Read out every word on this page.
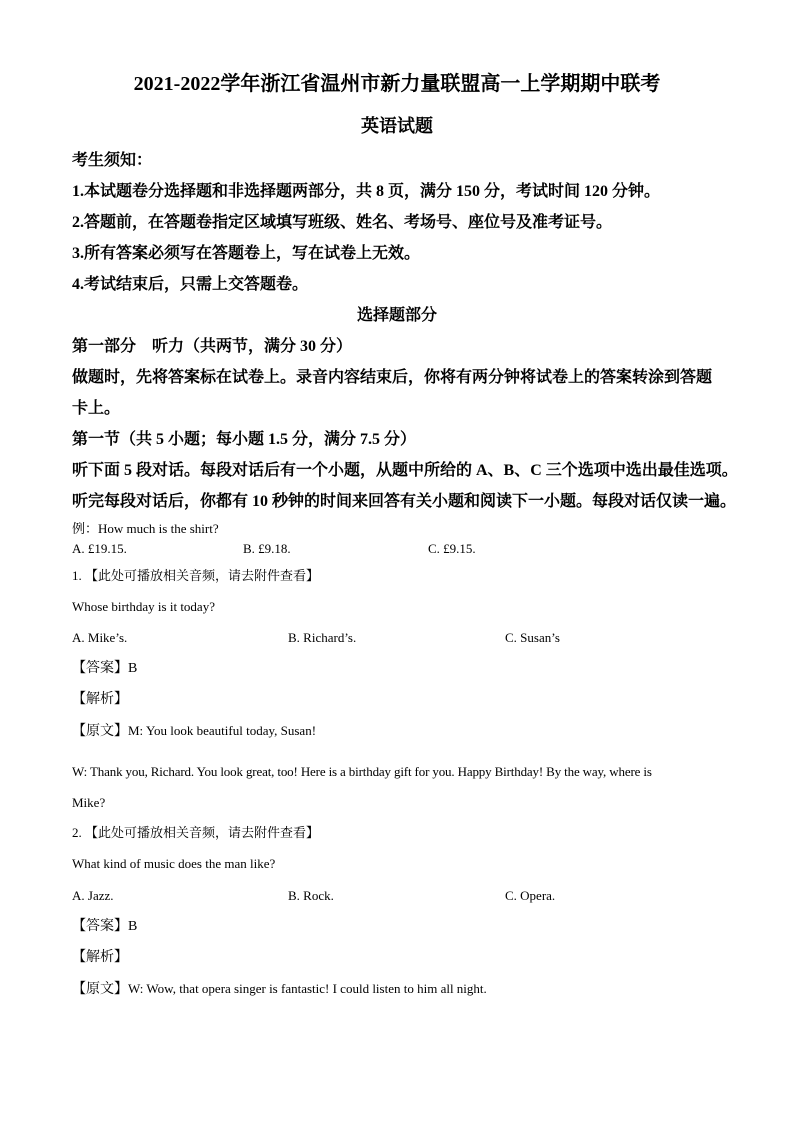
2021-2022学年浙江省温州市新力量联盟高一上学期期中联考
英语试题
考生须知：
1.本试题卷分选择题和非选择题两部分，共 8 页，满分 150 分，考试时间 120 分钟。
2.答题前，在答题卷指定区域填写班级、姓名、考场号、座位号及准考证号。
3.所有答案必须写在答题卷上，写在试卷上无效。
4.考试结束后，只需上交答题卷。
选择题部分
第一部分　听力（共两节，满分 30 分）
做题时，先将答案标在试卷上。录音内容结束后，你将有两分钟将试卷上的答案转涂到答题
卡上。
第一节（共 5 小题；每小题 1.5 分，满分 7.5 分）
听下面 5 段对话。每段对话后有一个小题，从题中所给的 A、B、C 三个选项中选出最佳选项。
听完每段对话后，你都有 10 秒钟的时间来回答有关小题和阅读下一小题。每段对话仅读一遍。
例：How much is the shirt?
A. £19.15.	B. £9.18.	C. £9.15.
1. 【此处可播放相关音频，请去附件查看】
Whose birthday is it today?
A. Mike’s.	B. Richard’s.	C. Susan’s
【答案】B
【解析】
【原文】M: You look beautiful today, Susan!
W: Thank you, Richard. You look great, too! Here is a birthday gift for you. Happy Birthday! By the way, where is
Mike?
2. 【此处可播放相关音频，请去附件查看】
What kind of music does the man like?
A. Jazz.	B. Rock.	C. Opera.
【答案】B
【解析】
【原文】W: Wow, that opera singer is fantastic! I could listen to him all night.
